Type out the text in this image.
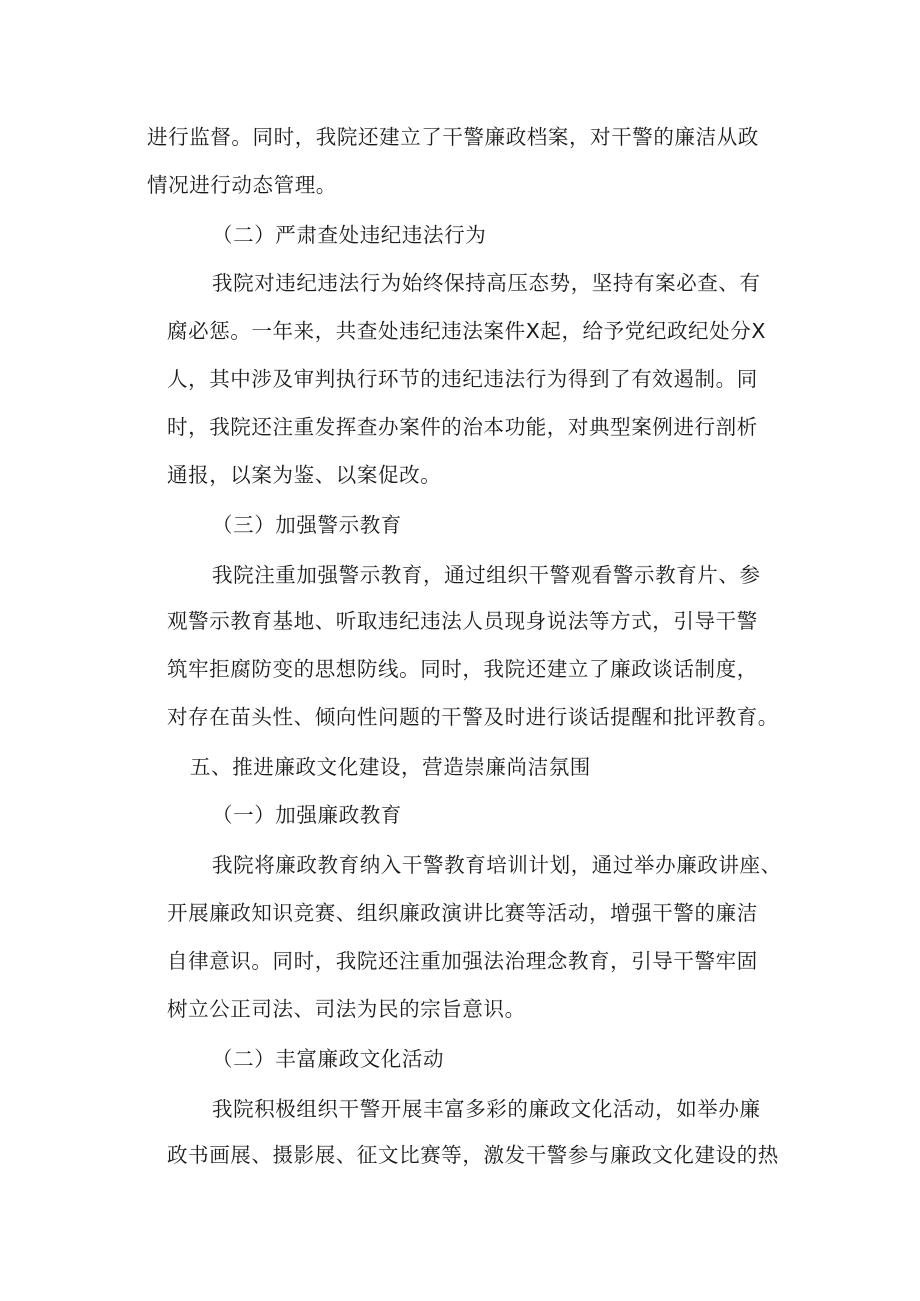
进行监督。同时，我院还建立了干警廉政档案，对干警的廉洁从政
情况进行动态管理。
（二）严肃查处违纪违法行为
我院对违纪违法行为始终保持高压态势，坚持有案必查、有
腐必惩。一年来，共查处违纪违法案件X起，给予党纪政纪处分X
人，其中涉及审判执行环节的违纪违法行为得到了有效遏制。同
时，我院还注重发挥查办案件的治本功能，对典型案例进行剖析
通报，以案为鉴、以案促改。
（三）加强警示教育
我院注重加强警示教育，通过组织干警观看警示教育片、参
观警示教育基地、听取违纪违法人员现身说法等方式，引导干警
筑牢拒腐防变的思想防线。同时，我院还建立了廉政谈话制度，
对存在苗头性、倾向性问题的干警及时进行谈话提醒和批评教育。
五、推进廉政文化建设，营造崇廉尚洁氛围
（一）加强廉政教育
我院将廉政教育纳入干警教育培训计划，通过举办廉政讲座、
开展廉政知识竞赛、组织廉政演讲比赛等活动，增强干警的廉洁
自律意识。同时，我院还注重加强法治理念教育，引导干警牢固
树立公正司法、司法为民的宗旨意识。
（二）丰富廉政文化活动
我院积极组织干警开展丰富多彩的廉政文化活动，如举办廉
政书画展、摄影展、征文比赛等，激发干警参与廉政文化建设的热
